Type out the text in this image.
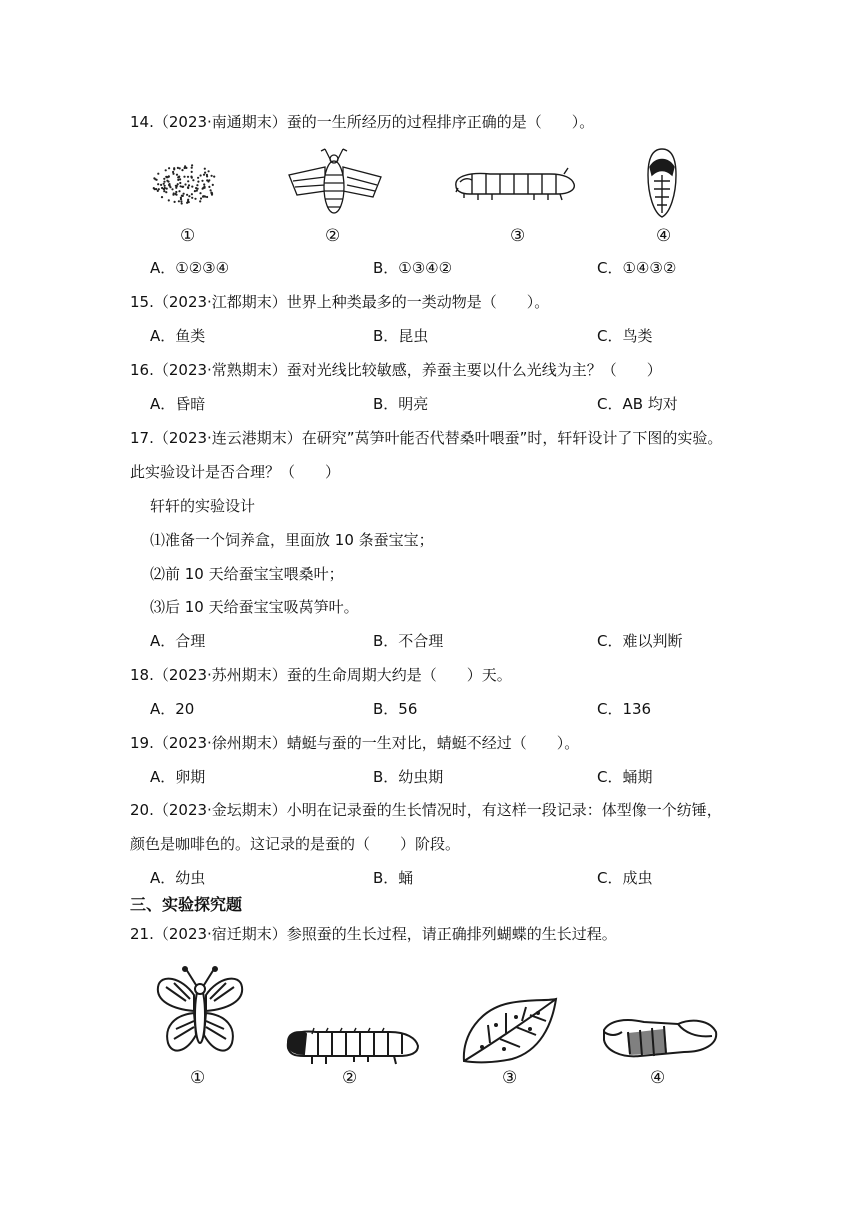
14.（2023·南通期末）蚕的一生所经历的过程排序正确的是（　　）。
①	②	③	④
A．①②③④	B．①③④②	C．①④③②
15.（2023·江都期末）世界上种类最多的一类动物是（　　）。
A．鱼类	B．昆虫	C．鸟类
16.（2023·常熟期末）蚕对光线比较敏感，养蚕主要以什么光线为主？（　　）
A．昏暗	B．明亮	C．AB 均对
17.（2023·连云港期末）在研究”莴笋叶能否代替桑叶喂蚕”时，轩轩设计了下图的实验。
此实验设计是否合理？（　　）
轩轩的实验设计
⑴准备一个饲养盒，里面放 10 条蚕宝宝；
⑵前 10 天给蚕宝宝喂桑叶；
⑶后 10 天给蚕宝宝吸莴笋叶。
A．合理	B．不合理	C．难以判断
18.（2023·苏州期末）蚕的生命周期大约是（　　）天。
A．20	B．56	C．136
19.（2023·徐州期末）蜻蜓与蚕的一生对比，蜻蜓不经过（　　）。
A．卵期	B．幼虫期	C．蛹期
20.（2023·金坛期末）小明在记录蚕的生长情况时，有这样一段记录：体型像一个纺锤，
颜色是咖啡色的。这记录的是蚕的（　　）阶段。
A．幼虫	B．蛹	C．成虫
三、实验探究题
21.（2023·宿迁期末）参照蚕的生长过程，请正确排列蝴蝶的生长过程。
①	②	③	④
